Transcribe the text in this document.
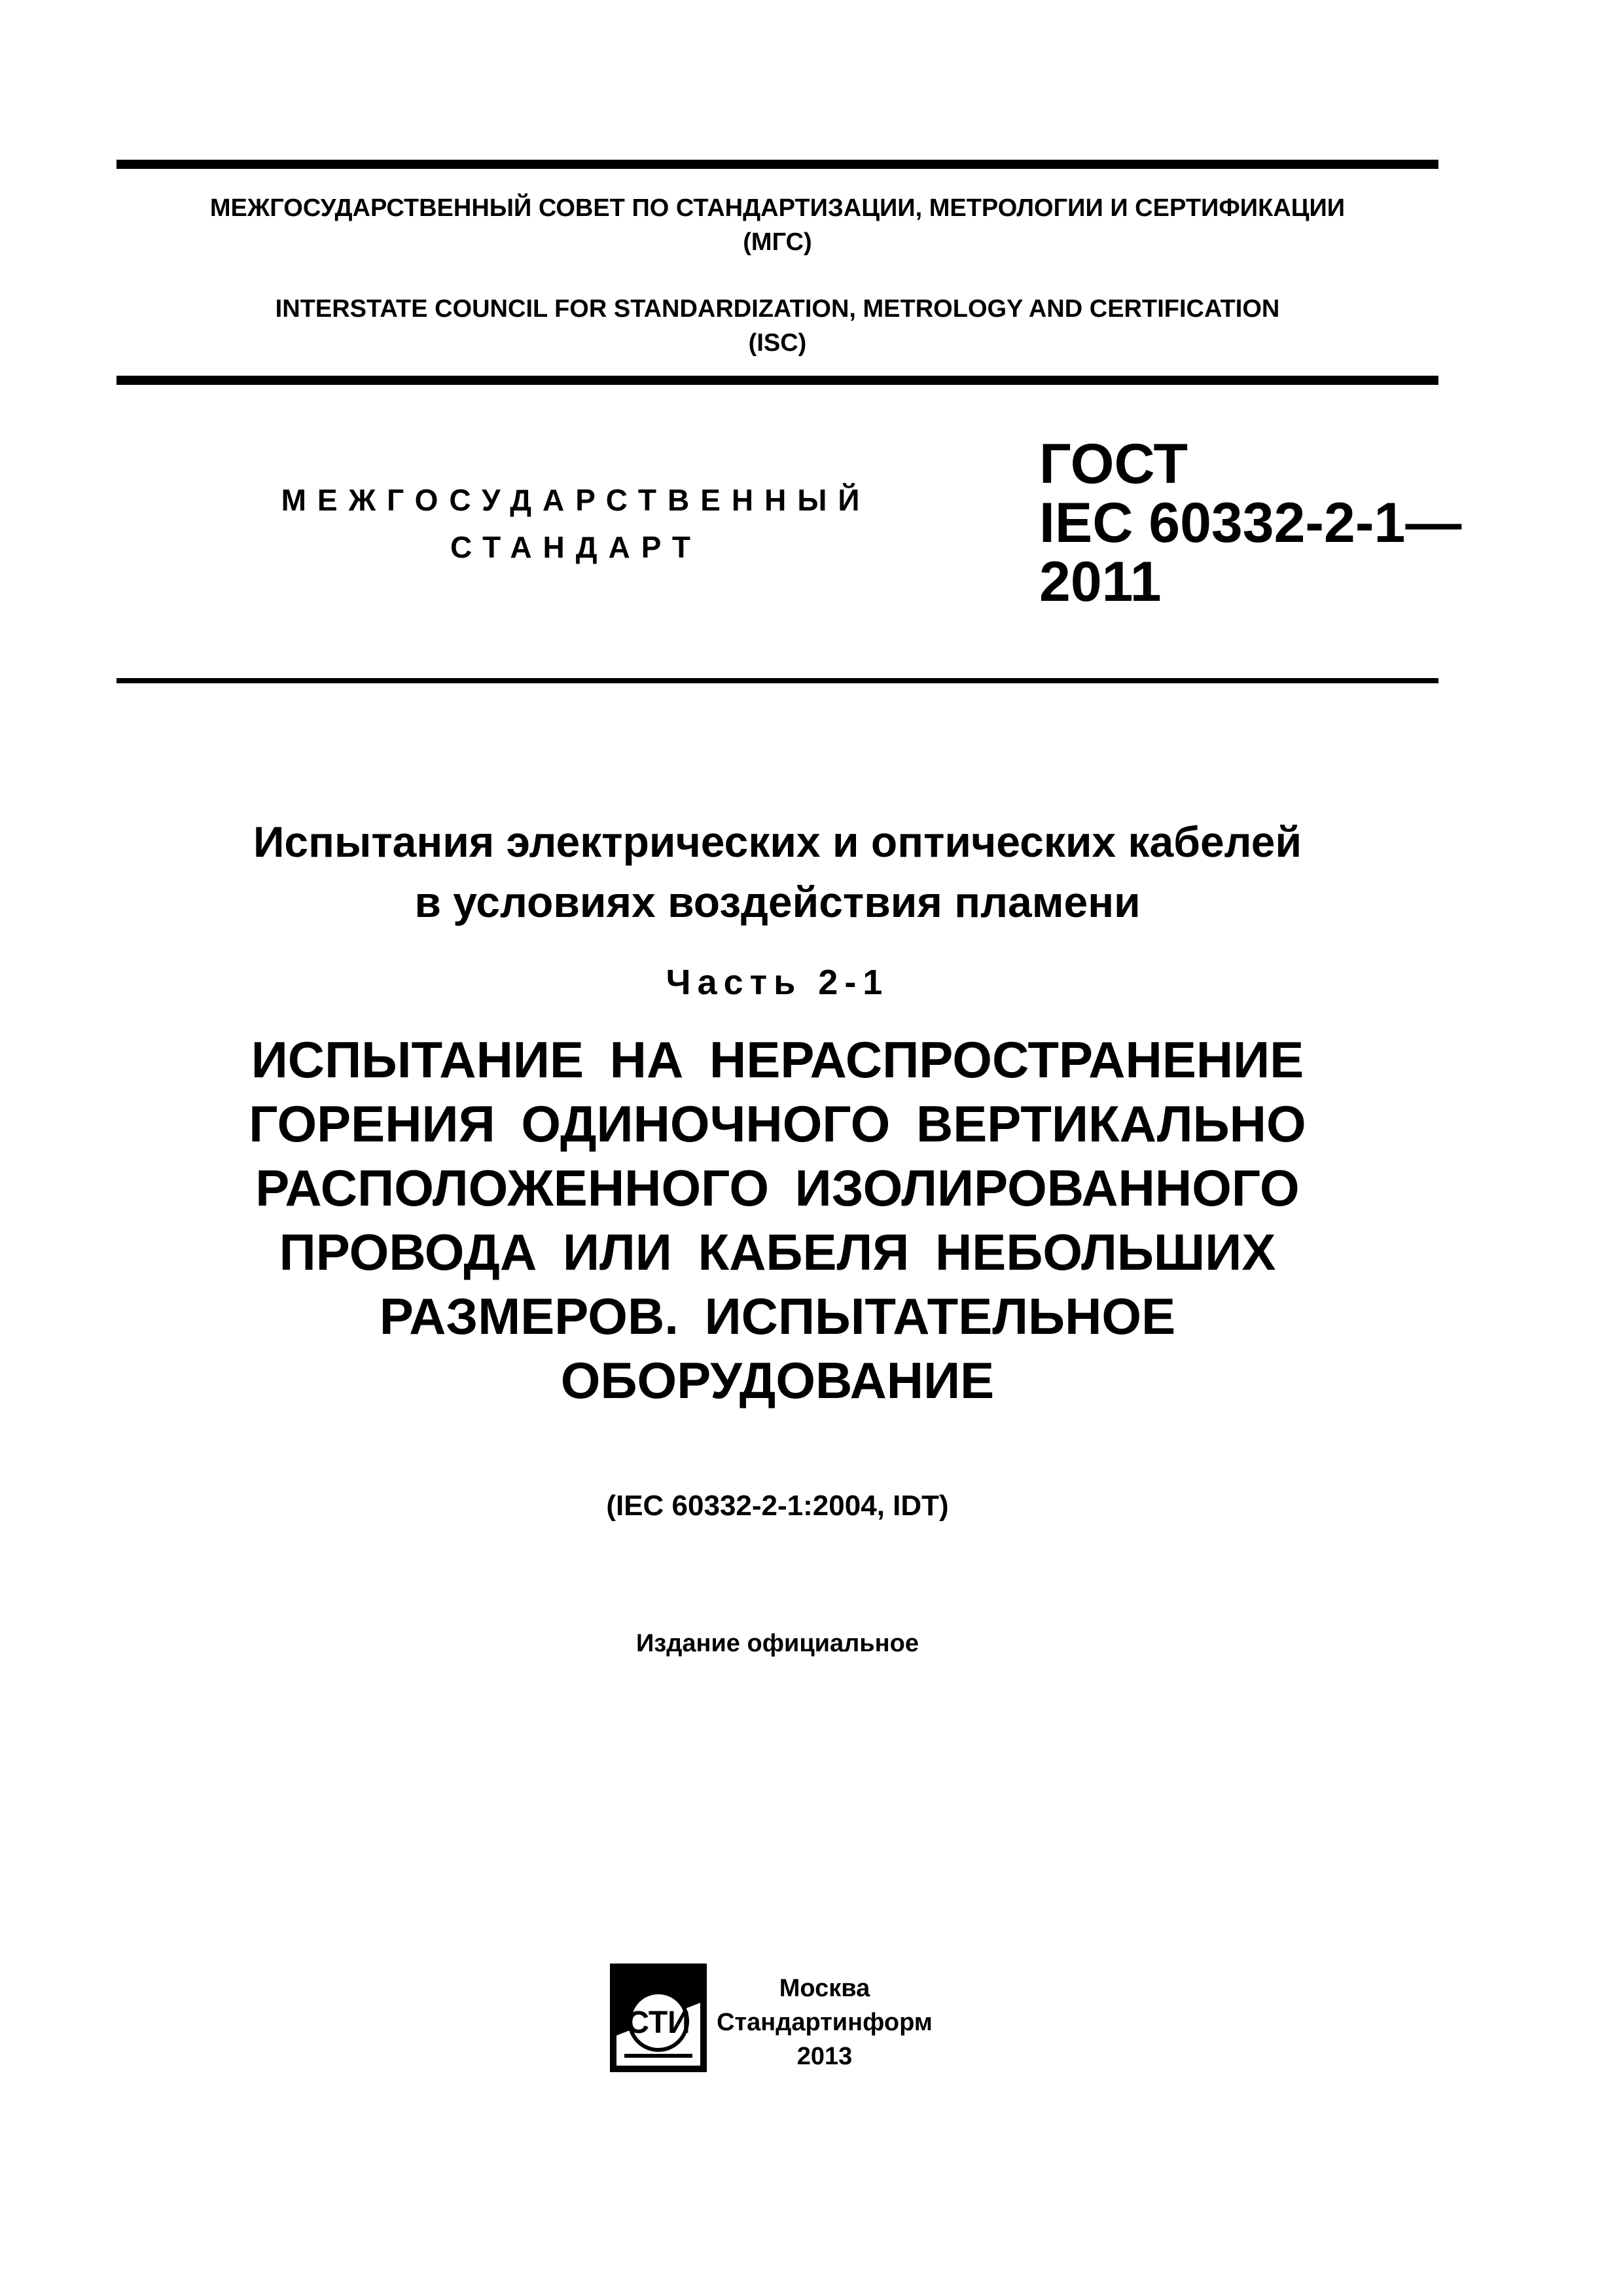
МЕЖГОСУДАРСТВЕННЫЙ СОВЕТ ПО СТАНДАРТИЗАЦИИ, МЕТРОЛОГИИ И СЕРТИФИКАЦИИ
(МГС)
INTERSTATE COUNCIL FOR STANDARDIZATION, METROLOGY AND CERTIFICATION
(ISC)
МЕЖГОСУДАРСТВЕННЫЙ
СТАНДАРТ
ГОСТ
IEC 60332-2-1—
2011
Испытания электрических и оптических кабелей
в условиях воздействия пламени
Часть 2-1
ИСПЫТАНИЕ НА НЕРАСПРОСТРАНЕНИЕ
ГОРЕНИЯ ОДИНОЧНОГО ВЕРТИКАЛЬНО
РАСПОЛОЖЕННОГО ИЗОЛИРОВАННОГО
ПРОВОДА ИЛИ КАБЕЛЯ НЕБОЛЬШИХ
РАЗМЕРОВ. ИСПЫТАТЕЛЬНОЕ
ОБОРУДОВАНИЕ
(IEC 60332-2-1:2004, IDT)
Издание официальное
СТИ
Москва
Стандартинформ
2013
